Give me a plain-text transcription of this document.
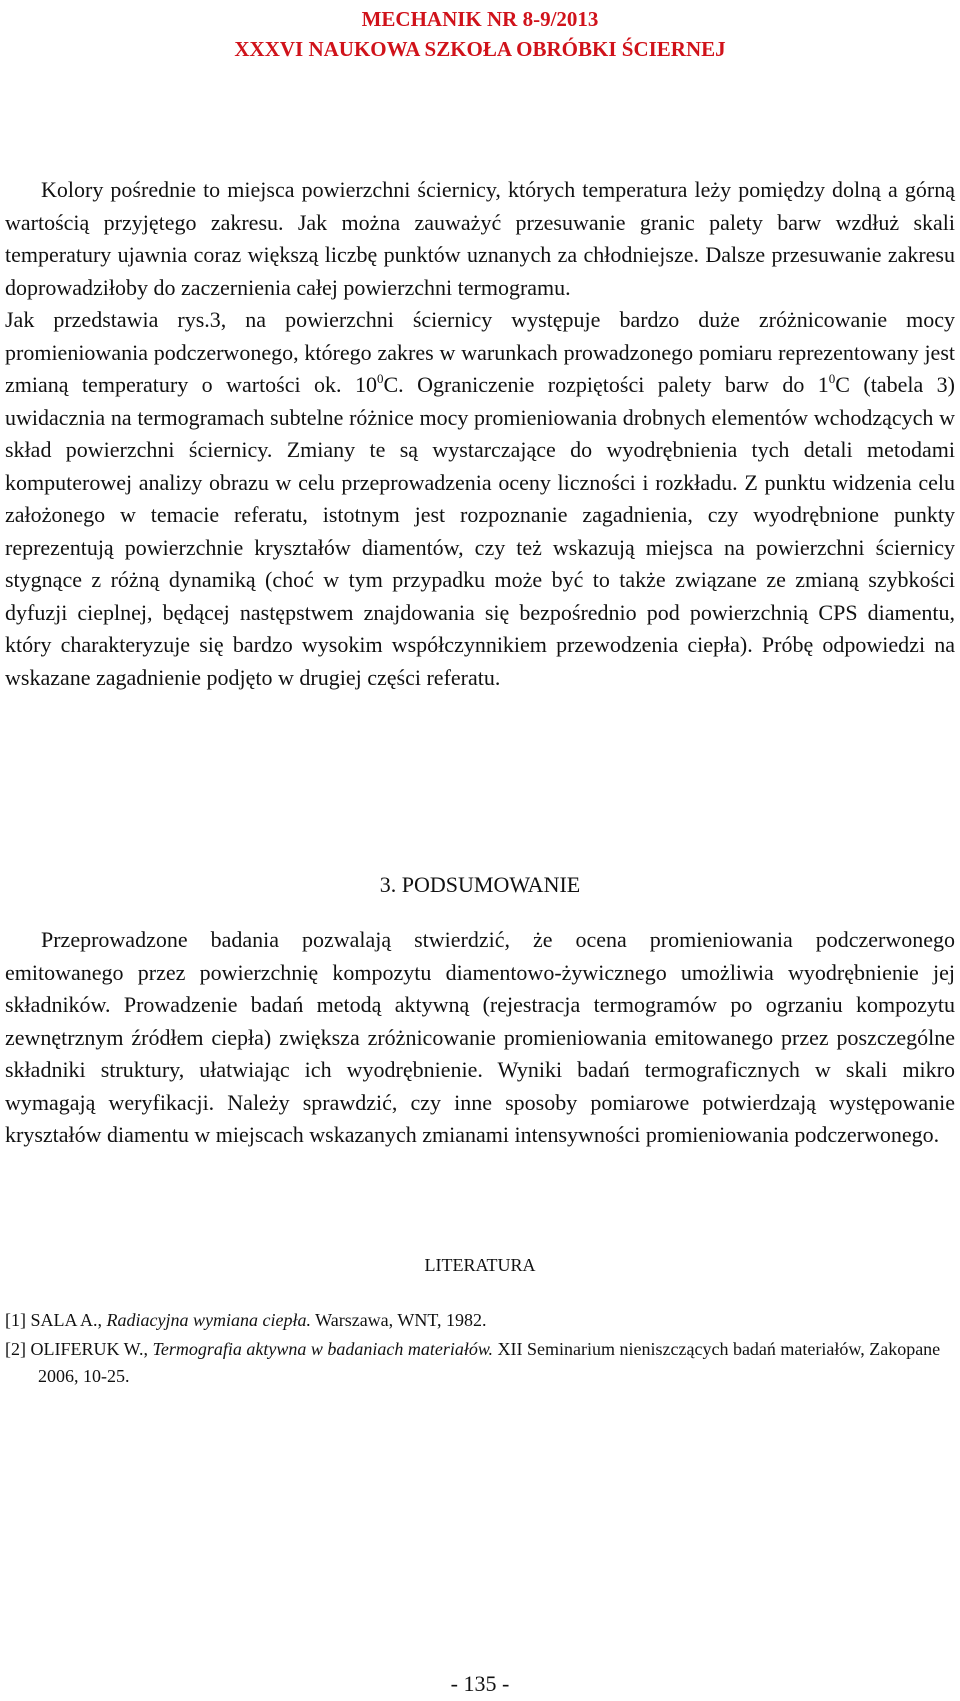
MECHANIK NR 8-9/2013
XXXVI NAUKOWA SZKOŁA OBRÓBKI ŚCIERNEJ

Kolory pośrednie to miejsca powierzchni ściernicy, których temperatura leży pomiędzy dolną a górną wartością przyjętego zakresu. Jak można zauważyć przesuwanie granic palety barw wzdłuż skali temperatury ujawnia coraz większą liczbę punktów uznanych za chłodniejsze. Dalsze przesuwanie zakresu doprowadziłoby do zaczernienia całej powierzchni termogramu.

Jak przedstawia rys.3, na powierzchni ściernicy występuje bardzo duże zróżnicowanie mocy promieniowania podczerwonego, którego zakres w warunkach prowadzonego pomiaru reprezentowany jest zmianą temperatury o wartości ok. $10^0C$. Ograniczenie rozpiętości palety barw do $1^0C$ (tabela 3) uwidacznia na termogramach subtelne różnice mocy promieniowania drobnych elementów wchodzących w skład powierzchni ściernicy. Zmiany te są wystarczające do wyodrębnienia tych detali metodami komputerowej analizy obrazu w celu przeprowadzenia oceny liczności i rozkładu. Z punktu widzenia celu założonego w temacie referatu, istotnym jest rozpoznanie zagadnienia, czy wyodrębnione punkty reprezentują powierzchnie kryształów diamentów, czy też wskazują miejsca na powierzchni ściernicy stygnące z różną dynamiką (choć w tym przypadku może być to także związane ze zmianą szybkości dyfuzji cieplnej, będącej następstwem znajdowania się bezpośrednio pod powierzchnią CPS diamentu, który charakteryzuje się bardzo wysokim współczynnikiem przewodzenia ciepła). Próbę odpowiedzi na wskazane zagadnienie podjęto w drugiej części referatu.

3. PODSUMOWANIE

Przeprowadzone badania pozwalają stwierdzić, że ocena promieniowania podczerwonego emitowanego przez powierzchnię kompozytu diamentowo-żywicznego umożliwia wyodrębnienie jej składników. Prowadzenie badań metodą aktywną (rejestracja termogramów po ogrzaniu kompozytu zewnętrznym źródłem ciepła) zwiększa zróżnicowanie promieniowania emitowanego przez poszczególne składniki struktury, ułatwiając ich wyodrębnienie. Wyniki badań termograficznych w skali mikro wymagają weryfikacji. Należy sprawdzić, czy inne sposoby pomiarowe potwierdzają występowanie kryształów diamentu w miejscach wskazanych zmianami intensywności promieniowania podczerwonego.

LITERATURA

[1] SALA A., Radiacyjna wymiana ciepła. Warszawa, WNT, 1982.

[2] OLIFERUK W., Termografia aktywna w badaniach materiałów. XII Seminarium nieniszczących badań materiałów, Zakopane 2006, 10-25.

- 135 -
